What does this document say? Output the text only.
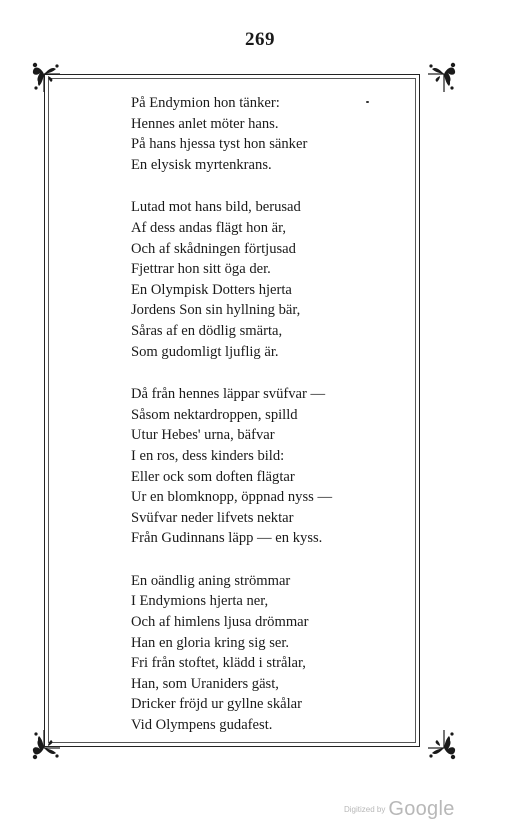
269

På Endymion hon tänker:
Hennes anlet möter hans.
På hans hjessa tyst hon sänker
En elysisk myrtenkrans.

Lutad mot hans bild, berusad
Af dess andas flägt hon är,
Och af skådningen förtjusad
Fjettrar hon sitt öga der.
En Olympisk Dotters hjerta
Jordens Son sin hyllning bär,
Såras af en dödlig smärta,
Som gudomligt ljuflig är.

Då från hennes läppar svüfvar —
Såsom nektardroppen, spilld
Utur Hebes' urna, bäfvar
I en ros, dess kinders bild:
Eller ock som doften flägtar
Ur en blomknopp, öppnad nyss —
Svüfvar neder lifvets nektar
Från Gudinnans läpp — en kyss.

En oändlig aning strömmar
I Endymions hjerta ner,
Och af himlens ljusa drömmar
Han en gloria kring sig ser.
Fri från stoftet, klädd i strålar,
Han, som Uraniders gäst,
Dricker fröjd ur gyllne skålar
Vid Olympens gudafest.

Digitized by Google
